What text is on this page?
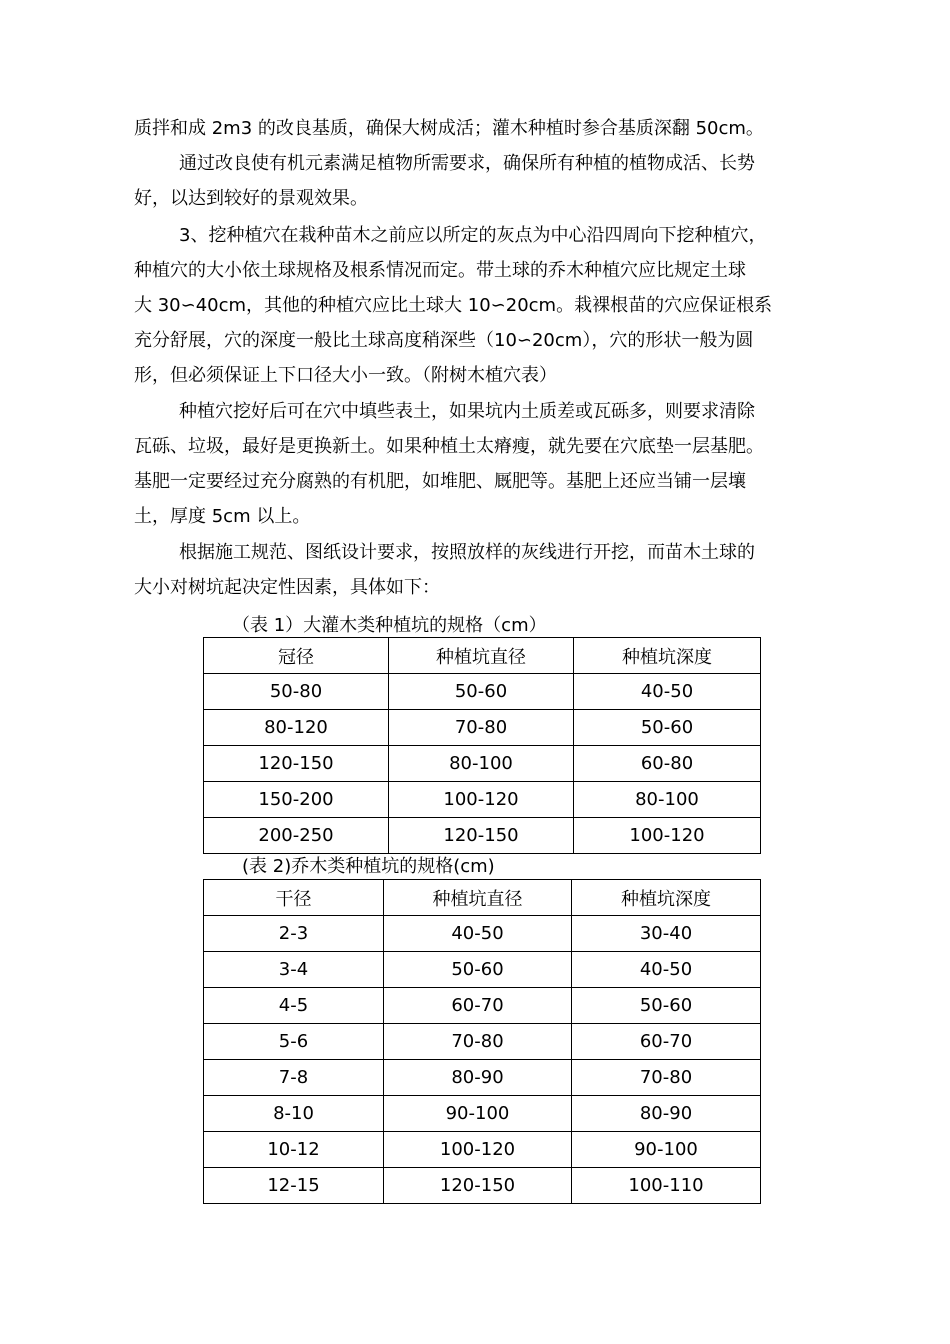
质拌和成 2m3 的改良基质，确保大树成活；灌木种植时参合基质深翻 50cm。

通过改良使有机元素满足植物所需要求，确保所有种植的植物成活、长势
好，以达到较好的景观效果。

3、挖种植穴在栽种苗木之前应以所定的灰点为中心沿四周向下挖种植穴，
种植穴的大小依土球规格及根系情况而定。带土球的乔木种植穴应比规定土球
大 30∽40cm，其他的种植穴应比土球大 10∽20cm。栽裸根苗的穴应保证根系
充分舒展，穴的深度一般比土球高度稍深些（10∽20cm），穴的形状一般为圆
形，但必须保证上下口径大小一致。（附树木植穴表）

种植穴挖好后可在穴中填些表土，如果坑内土质差或瓦砾多，则要求清除
瓦砾、垃圾，最好是更换新土。如果种植土太瘠瘦，就先要在穴底垫一层基肥。
基肥一定要经过充分腐熟的有机肥，如堆肥、厩肥等。基肥上还应当铺一层壤
土，厚度 5cm 以上。

根据施工规范、图纸设计要求，按照放样的灰线进行开挖，而苗木土球的
大小对树坑起决定性因素，具体如下：

（表 1）大灌木类种植坑的规格（cm）
冠径	种植坑直径	种植坑深度
50-80	50-60	40-50
80-120	70-80	50-60
120-150	80-100	60-80
150-200	100-120	80-100
200-250	120-150	100-120
(表 2)乔木类种植坑的规格(cm)
干径	种植坑直径	种植坑深度
2-3	40-50	30-40
3-4	50-60	40-50
4-5	60-70	50-60
5-6	70-80	60-70
7-8	80-90	70-80
8-10	90-100	80-90
10-12	100-120	90-100
12-15	120-150	100-110
